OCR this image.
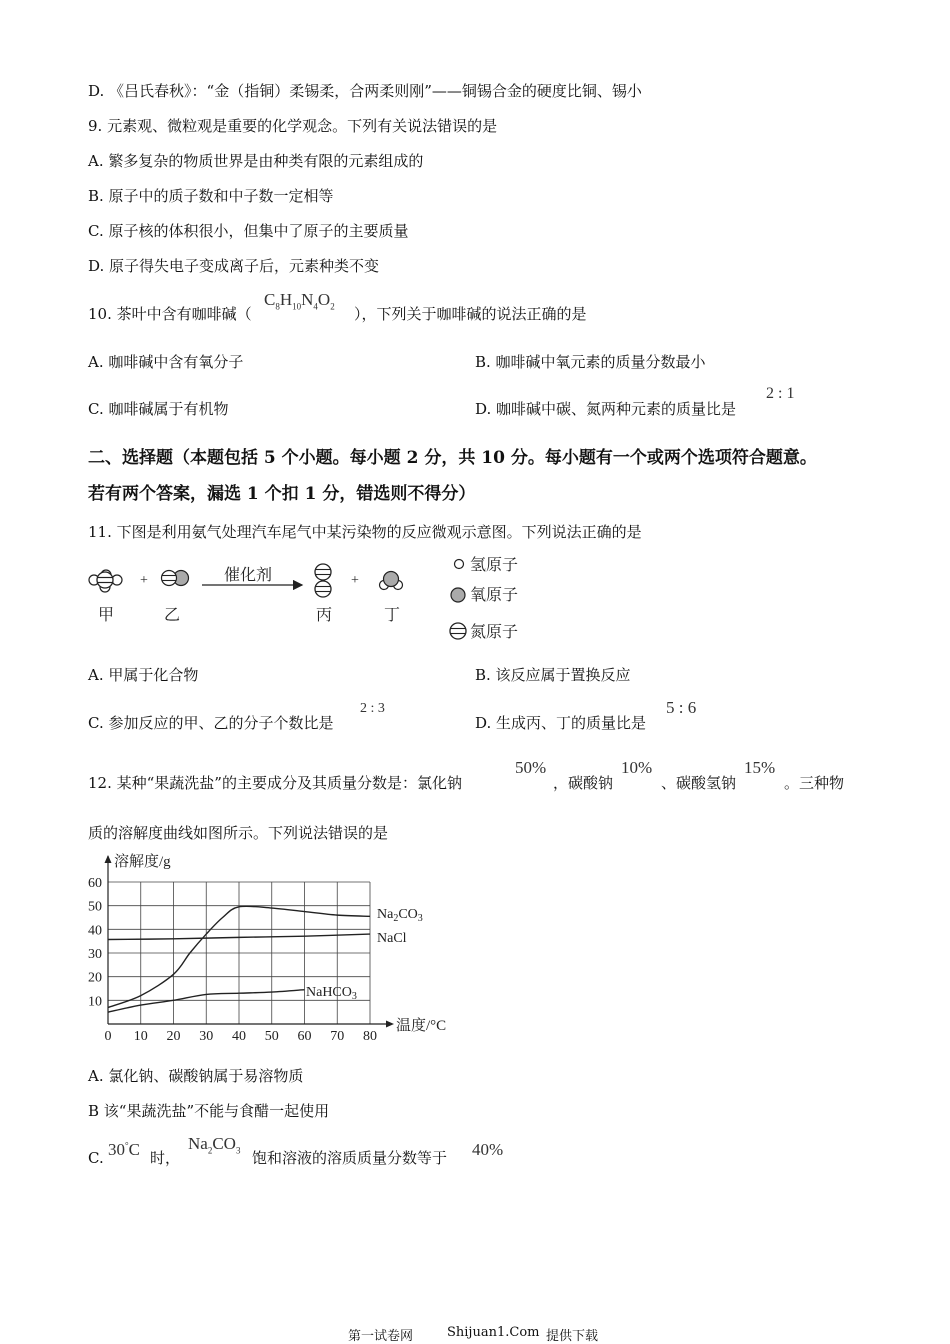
D. 《吕氏春秋》：“金（指铜）柔锡柔，合两柔则刚”——铜锡合金的硬度比铜、锡小
9. 元素观、微粒观是重要的化学观念。下列有关说法错误的是
A. 繁多复杂的物质世界是由种类有限的元素组成的
B. 原子中的质子数和中子数一定相等
C. 原子核的体积很小，但集中了原子的主要质量
D. 原子得失电子变成离子后，元素种类不变
10. 茶叶中含有咖啡碱（
$C_8H_{10}N_4O_2$ ），下列关于咖啡碱的说法正确的是
A. 咖啡碱中含有氧分子	B. 咖啡碱中氧元素的质量分数最小
C. 咖啡碱属于有机物	D. 咖啡碱中碳、氮两种元素的质量比是
2 : 1
二、选择题（本题包括 5 个小题。每小题 2 分，共 10 分。每小题有一个或两个选项符合题意。
若有两个答案，漏选 1 个扣 1 分，错选则不得分）
11. 下图是利用氨气处理汽车尾气中某污染物的反应微观示意图。下列说法正确的是
+	催化剂	+
甲	乙	丙	丁
氢原子
氧原子
氮原子
A. 甲属于化合物	B. 该反应属于置换反应
C. 参加反应的甲、乙的分子个数比是
2 : 3
D. 生成丙、丁的质量比是
5 : 6
12. 某种“果蔬洗盐”的主要成分及其质量分数是：氯化钠
50%
，碳酸钠
10%
、碳酸氢钠
15%
。三种物
质的溶解度曲线如图所示。下列说法错误的是
0 10 20 30 40 50 60 70 80
10
20
30
40
50
60
溶解度/g
温度/°C
$Na_2CO_3$
NaCl
NaHCO$_3$
A. 氯化钠、碳酸钠属于易溶物质
B 该“果蔬洗盐”不能与食醋一起使用
C. 30°C 时，
$Na_2CO_3$ 饱和溶液的溶质质量分数等于 40%
第一试卷网	Shijuan1.Com 提供下载
